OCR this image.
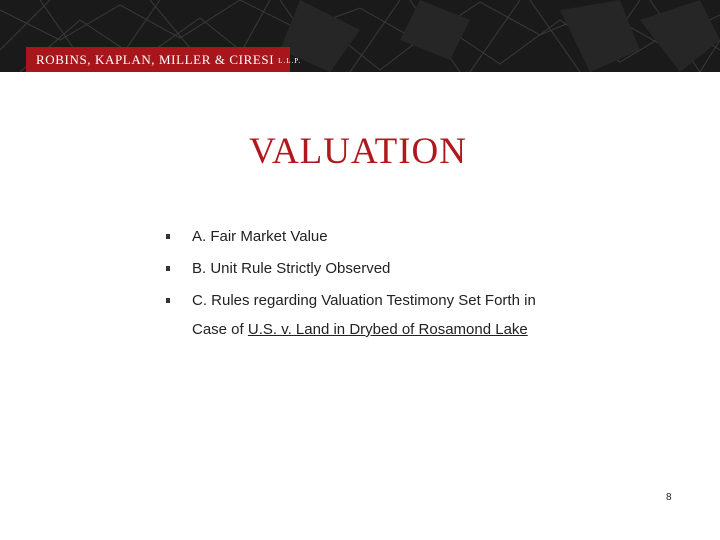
ROBINS, KAPLAN, MILLER & CIRESI L.L.P.
VALUATION
A. Fair Market Value
B. Unit Rule Strictly Observed
C. Rules regarding Valuation Testimony Set Forth in
Case of U.S. v. Land in Drybed of Rosamond Lake
8
